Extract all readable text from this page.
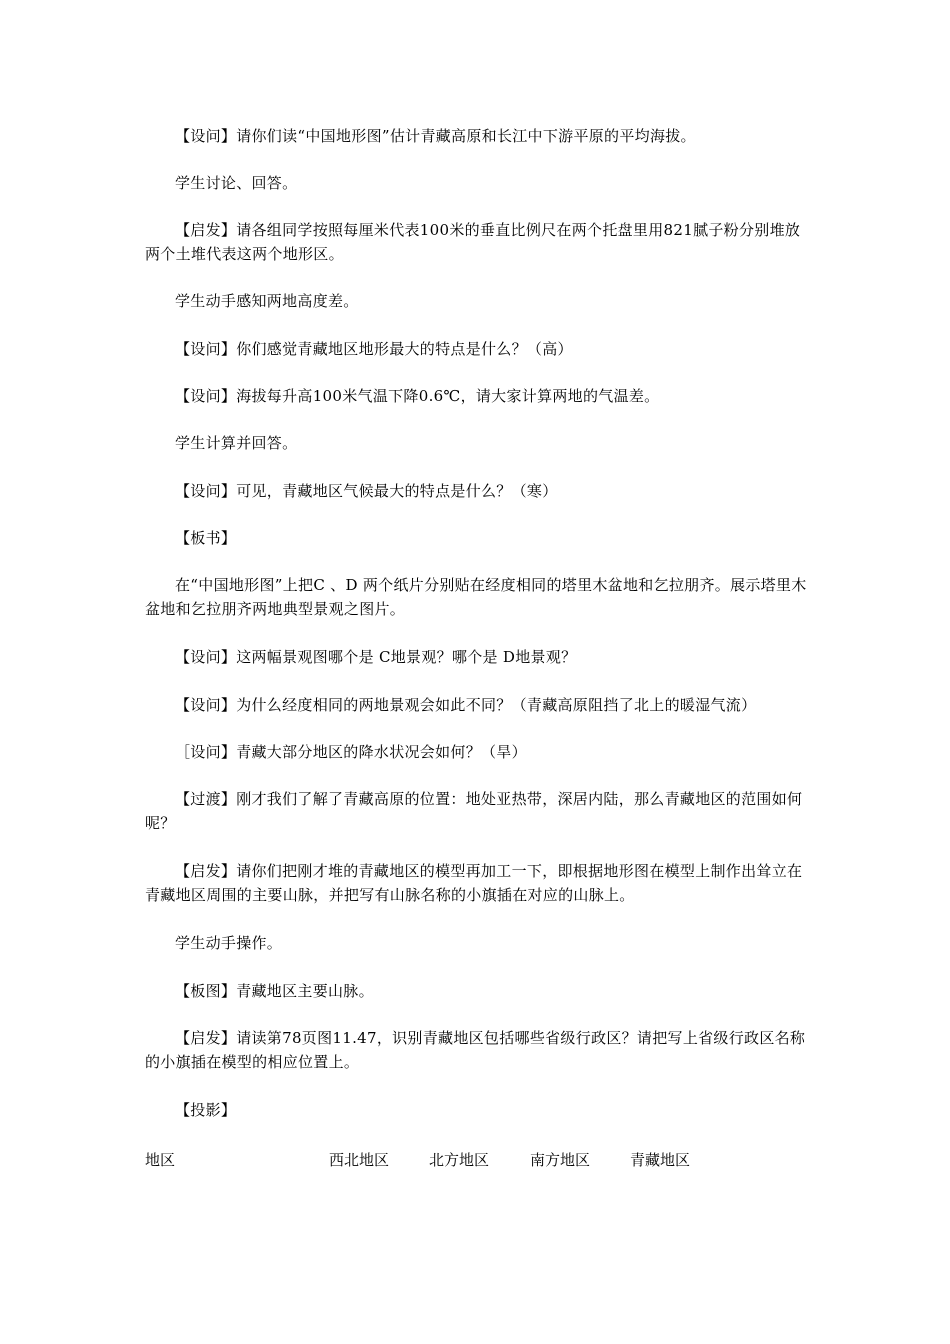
【设问】请你们读“中国地形图”估计青藏高原和长江中下游平原的平均海拔。

学生讨论、回答。

【启发】请各组同学按照每厘米代表100米的垂直比例尺在两个托盘里用821腻子粉分别堆放两个土堆代表这两个地形区。

学生动手感知两地高度差。

【设问】你们感觉青藏地区地形最大的特点是什么？（高）

【设问】海拔每升高100米气温下降0.6℃，请大家计算两地的气温差。

学生计算并回答。

【设问】可见，青藏地区气候最大的特点是什么？（寒）

【板书】

在“中国地形图”上把C 、D 两个纸片分别贴在经度相同的塔里木盆地和乞拉朋齐。展示塔里木盆地和乞拉朋齐两地典型景观之图片。

【设问】这两幅景观图哪个是 C地景观？哪个是 D地景观？

【设问】为什么经度相同的两地景观会如此不同？（青藏高原阻挡了北上的暖湿气流）

［设问】青藏大部分地区的降水状况会如何？（旱）

【过渡】刚才我们了解了青藏高原的位置：地处亚热带，深居内陆，那么青藏地区的范围如何呢？

【启发】请你们把刚才堆的青藏地区的模型再加工一下，即根据地形图在模型上制作出耸立在青藏地区周围的主要山脉，并把写有山脉名称的小旗插在对应的山脉上。

学生动手操作。

【板图】青藏地区主要山脉。

【启发】请读第78页图11.47，识别青藏地区包括哪些省级行政区？请把写上省级行政区名称的小旗插在模型的相应位置上。

【投影】

地区	西北地区	北方地区	南方地区	青藏地区
